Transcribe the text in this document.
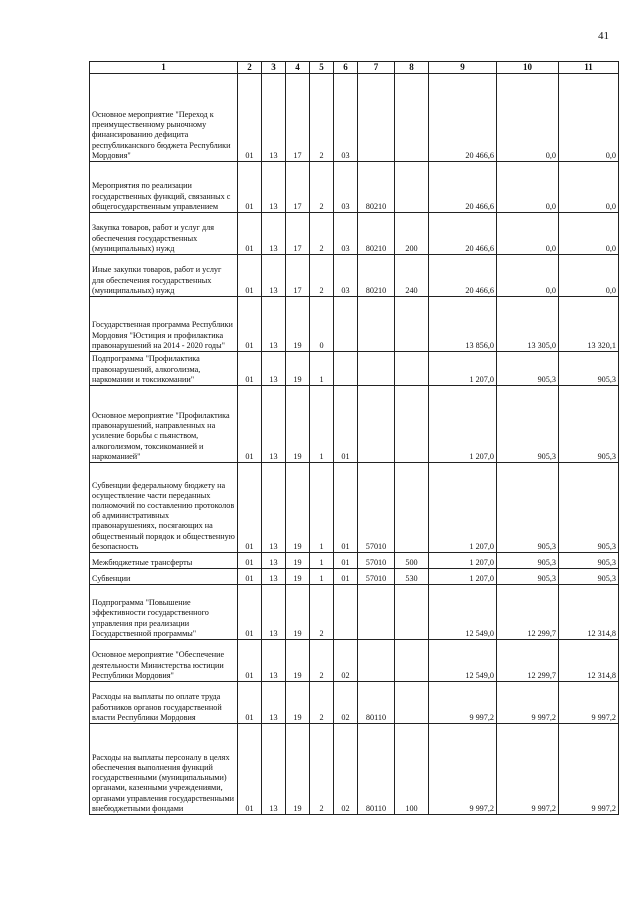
41
1	2	3	4	5	6	7	8	9	10	11
Основное мероприятие "Переход к преимущественному рыночному финансированию дефицита республиканского бюджета Республики Мордовия"	01	13	17	2	03			20 466,6	0,0	0,0
Мероприятия по реализации государственных функций, связанных с общегосударственным управлением	01	13	17	2	03	80210		20 466,6	0,0	0,0
Закупка товаров, работ и услуг для обеспечения государственных (муниципальных) нужд	01	13	17	2	03	80210	200	20 466,6	0,0	0,0
Иные закупки товаров, работ и услуг для обеспечения государственных (муниципальных) нужд	01	13	17	2	03	80210	240	20 466,6	0,0	0,0
Государственная программа Республики Мордовия "Юстиция и профилактика правонарушений на 2014 - 2020 годы"	01	13	19	0				13 856,0	13 305,0	13 320,1
Подпрограмма "Профилактика правонарушений, алкоголизма, наркомании и токсикомании"	01	13	19	1				1 207,0	905,3	905,3
Основное мероприятие "Профилактика правонарушений, направленных на усиление борьбы с пьянством, алкоголизмом, токсикоманией и наркоманией"	01	13	19	1	01			1 207,0	905,3	905,3
Субвенции федеральному бюджету на осуществление части переданных полномочий по составлению протоколов об административных правонарушениях, посягающих на общественный порядок и общественную безопасность	01	13	19	1	01	57010		1 207,0	905,3	905,3
Межбюджетные трансферты	01	13	19	1	01	57010	500	1 207,0	905,3	905,3
Субвенции	01	13	19	1	01	57010	530	1 207,0	905,3	905,3
Подпрограмма "Повышение эффективности государственного управления при реализации Государственной программы"	01	13	19	2				12 549,0	12 299,7	12 314,8
Основное мероприятие "Обеспечение деятельности Министерства юстиции Республики Мордовия"	01	13	19	2	02			12 549,0	12 299,7	12 314,8
Расходы на выплаты по оплате труда работников органов государственной власти Республики Мордовия	01	13	19	2	02	80110		9 997,2	9 997,2	9 997,2
Расходы на выплаты персоналу в целях обеспечения выполнения функций государственными (муниципальными) органами, казенными учреждениями, органами управления государственными внебюджетными фондами	01	13	19	2	02	80110	100	9 997,2	9 997,2	9 997,2
